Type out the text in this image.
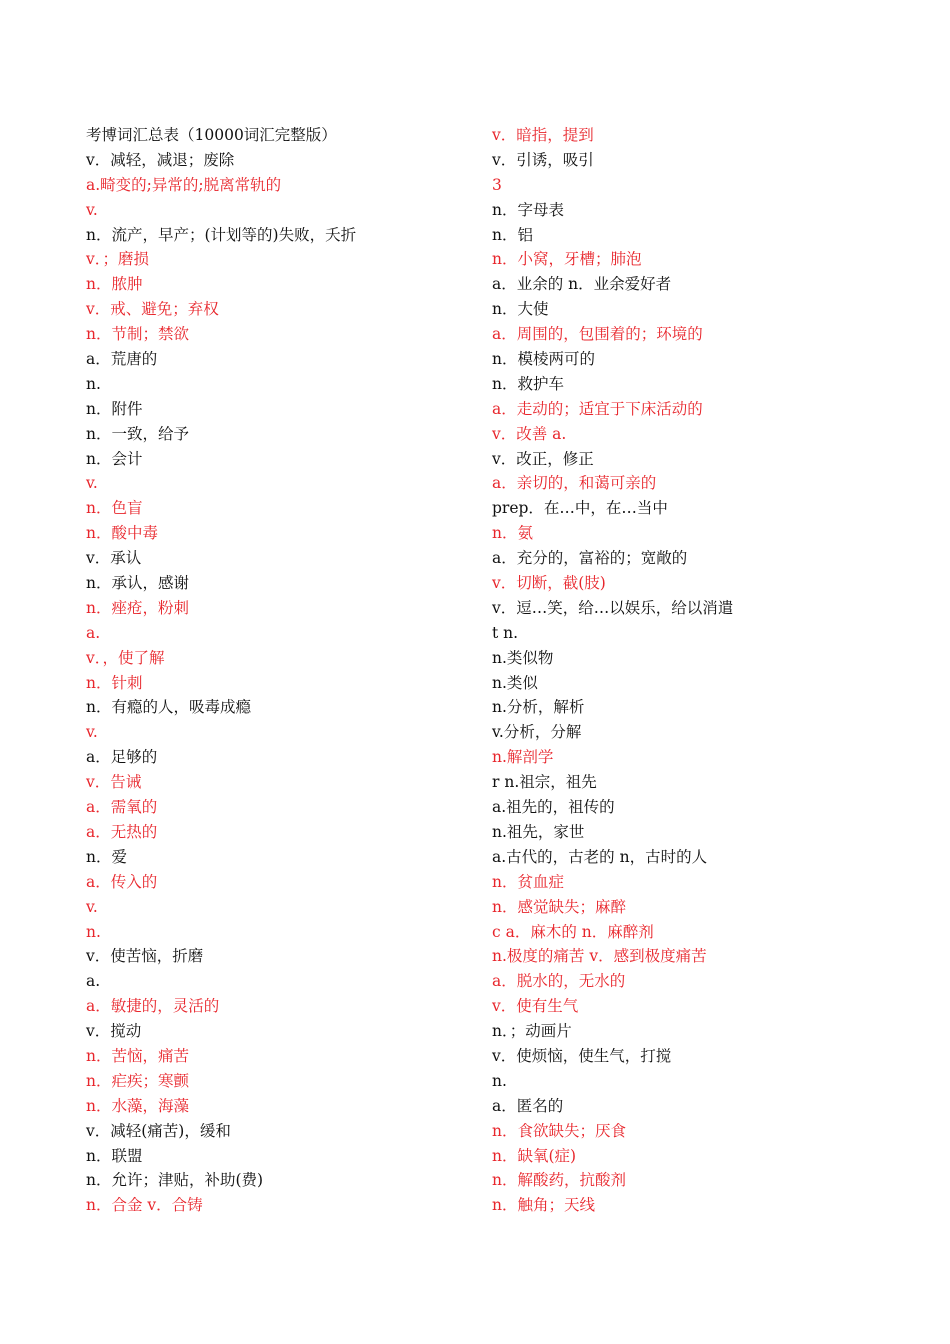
考博词汇总表（10000词汇完整版）
v．减轻，减退；废除
a.畸变的;异常的;脱离常轨的
v.
n．流产，早产；(计划等的)失败，夭折
v．；磨损
n．脓肿
v．戒、避免；弃权
n．节制；禁欲
a．荒唐的
n.
n．附件
n．一致，给予
n．会计
v.
n．色盲
n．酸中毒
v．承认
n．承认，感谢
n．痤疮，粉刺
a.
v．，使了解
n．针刺
n．有瘾的人，吸毒成瘾
v.
a．足够的
v．告诫
a．需氧的
a．无热的
n．爱
a．传入的
v.
n.
v．使苦恼，折磨
a.
a．敏捷的，灵活的
v．搅动
n．苦恼，痛苦
n．疟疾；寒颤
n．水藻，海藻
v．减轻(痛苦)，缓和
n．联盟
n．允许；津贴，补助(费)
n．合金 v．合铸
v．暗指，提到
v．引诱，吸引
3
n．字母表
n．铝
n．小窝，牙槽；肺泡
a．业余的 n．业余爱好者
n．大使
a．周围的，包围着的；环境的
n．模棱两可的
n．救护车
a．走动的；适宜于下床活动的
v．改善 a.
v．改正，修正
a．亲切的，和蔼可亲的
prep．在…中，在…当中
n．氨
a．充分的，富裕的；宽敞的
v．切断，截(肢)
v．逗…笑，给…以娱乐，给以消遣
t n.
n.类似物
n.类似
n.分析，解析
v.分析，分解
n.解剖学
r n.祖宗，祖先
a.祖先的，祖传的
n.祖先，家世
a.古代的，古老的 n，古时的人
n．贫血症
n．感觉缺失；麻醉
c a．麻木的 n．麻醉剂
n.极度的痛苦 v．感到极度痛苦
a．脱水的，无水的
v．使有生气
n．；动画片
v．使烦恼，使生气，打搅
n.
a．匿名的
n．食欲缺失；厌食
n．缺氧(症)
n．解酸药，抗酸剂
n．触角；天线
